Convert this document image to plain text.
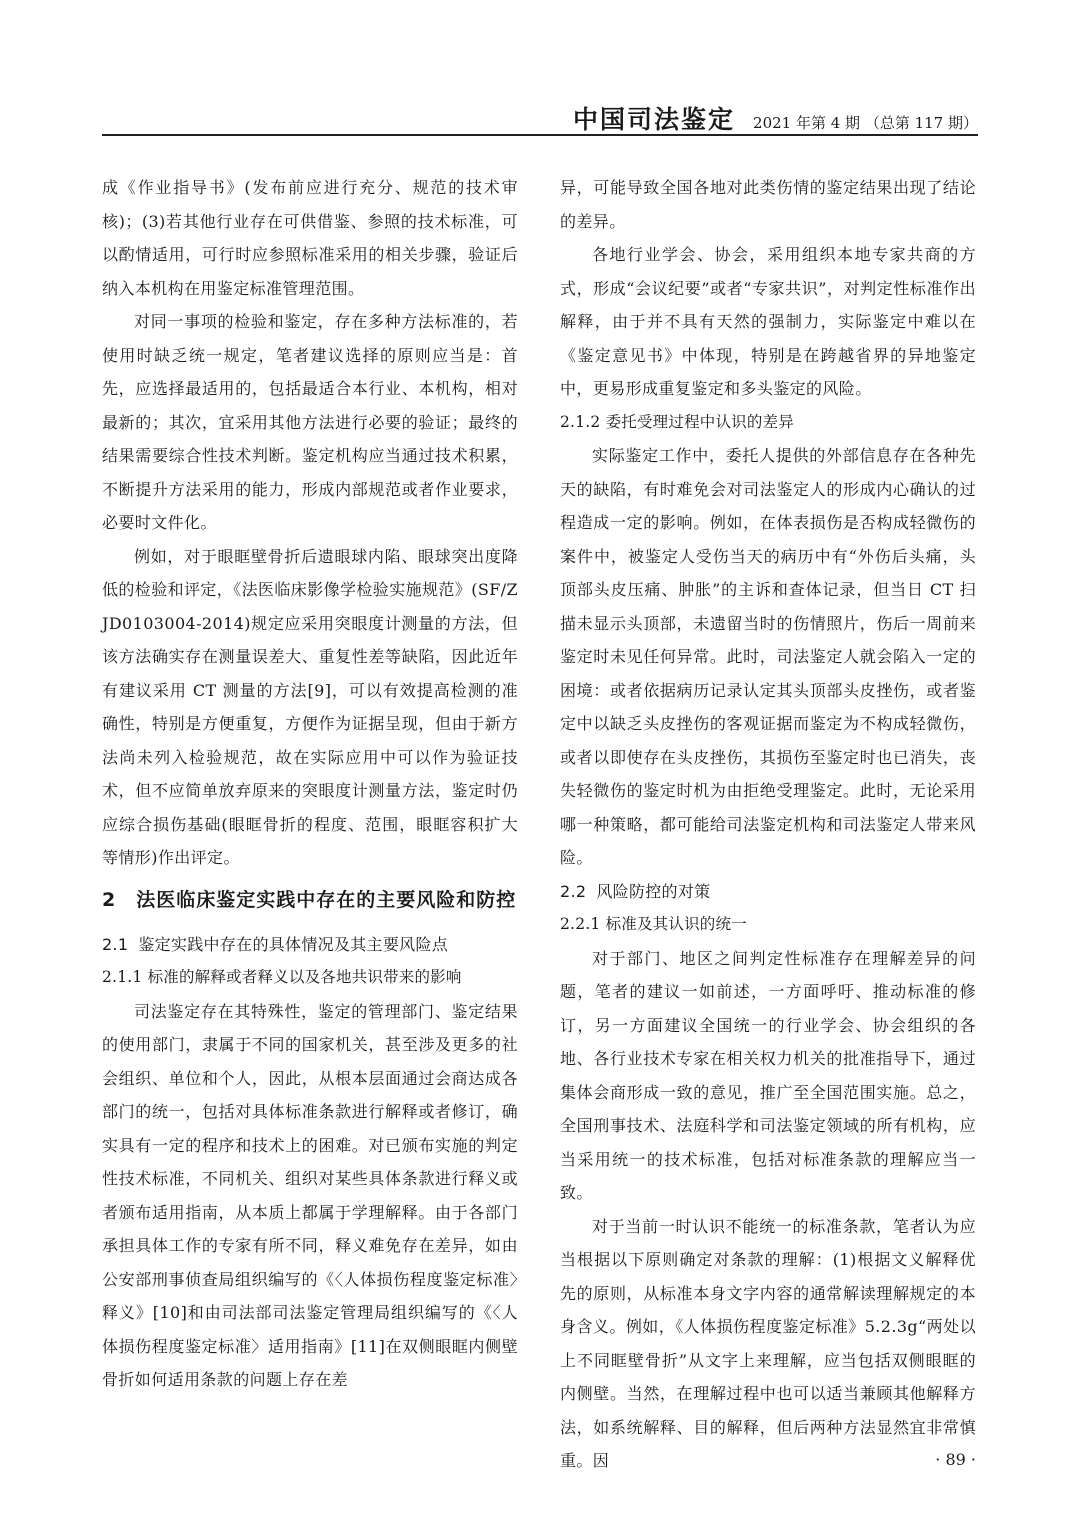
中国司法鉴定 2021 年第 4 期 （总第 117 期）

成《作业指导书》(发布前应进行充分、规范的技术审核)；(3)若其他行业存在可供借鉴、参照的技术标准，可以酌情适用，可行时应参照标准采用的相关步骤，验证后纳入本机构在用鉴定标准管理范围。

对同一事项的检验和鉴定，存在多种方法标准的，若使用时缺乏统一规定，笔者建议选择的原则应当是：首先，应选择最适用的，包括最适合本行业、本机构，相对最新的；其次，宜采用其他方法进行必要的验证；最终的结果需要综合性技术判断。鉴定机构应当通过技术积累，不断提升方法采用的能力，形成内部规范或者作业要求，必要时文件化。

例如，对于眼眶壁骨折后遗眼球内陷、眼球突出度降低的检验和评定，《法医临床影像学检验实施规范》(SF/Z JD0103004-2014)规定应采用突眼度计测量的方法，但该方法确实存在测量误差大、重复性差等缺陷，因此近年有建议采用 CT 测量的方法[9]，可以有效提高检测的准确性，特别是方便重复，方便作为证据呈现，但由于新方法尚未列入检验规范，故在实际应用中可以作为验证技术，但不应简单放弃原来的突眼度计测量方法，鉴定时仍应综合损伤基础(眼眶骨折的程度、范围，眼眶容积扩大等情形)作出评定。

2　法医临床鉴定实践中存在的主要风险和防控
2.1 鉴定实践中存在的具体情况及其主要风险点
2.1.1 标准的解释或者释义以及各地共识带来的影响

司法鉴定存在其特殊性，鉴定的管理部门、鉴定结果的使用部门，隶属于不同的国家机关，甚至涉及更多的社会组织、单位和个人，因此，从根本层面通过会商达成各部门的统一，包括对具体标准条款进行解释或者修订，确实具有一定的程序和技术上的困难。对已颁布实施的判定性技术标准，不同机关、组织对某些具体条款进行释义或者颁布适用指南，从本质上都属于学理解释。由于各部门承担具体工作的专家有所不同，释义难免存在差异，如由公安部刑事侦查局组织编写的《〈人体损伤程度鉴定标准〉释义》[10]和由司法部司法鉴定管理局组织编写的《〈人体损伤程度鉴定标准〉适用指南》[11]在双侧眼眶内侧壁骨折如何适用条款的问题上存在差

异，可能导致全国各地对此类伤情的鉴定结果出现了结论的差异。

各地行业学会、协会，采用组织本地专家共商的方式，形成“会议纪要”或者“专家共识”，对判定性标准作出解释，由于并不具有天然的强制力，实际鉴定中难以在《鉴定意见书》中体现，特别是在跨越省界的异地鉴定中，更易形成重复鉴定和多头鉴定的风险。

2.1.2 委托受理过程中认识的差异

实际鉴定工作中，委托人提供的外部信息存在各种先天的缺陷，有时难免会对司法鉴定人的形成内心确认的过程造成一定的影响。例如，在体表损伤是否构成轻微伤的案件中，被鉴定人受伤当天的病历中有“外伤后头痛，头顶部头皮压痛、肿胀”的主诉和查体记录，但当日 CT 扫描未显示头顶部，未遗留当时的伤情照片，伤后一周前来鉴定时未见任何异常。此时，司法鉴定人就会陷入一定的困境：或者依据病历记录认定其头顶部头皮挫伤，或者鉴定中以缺乏头皮挫伤的客观证据而鉴定为不构成轻微伤，或者以即使存在头皮挫伤，其损伤至鉴定时也已消失，丧失轻微伤的鉴定时机为由拒绝受理鉴定。此时，无论采用哪一种策略，都可能给司法鉴定机构和司法鉴定人带来风险。

2.2 风险防控的对策
2.2.1 标准及其认识的统一

对于部门、地区之间判定性标准存在理解差异的问题，笔者的建议一如前述，一方面呼吁、推动标准的修订，另一方面建议全国统一的行业学会、协会组织的各地、各行业技术专家在相关权力机关的批准指导下，通过集体会商形成一致的意见，推广至全国范围实施。总之，全国刑事技术、法庭科学和司法鉴定领域的所有机构，应当采用统一的技术标准，包括对标准条款的理解应当一致。

对于当前一时认识不能统一的标准条款，笔者认为应当根据以下原则确定对条款的理解：(1)根据文义解释优先的原则，从标准本身文字内容的通常解读理解规定的本身含义。例如，《人体损伤程度鉴定标准》5.2.3g“两处以上不同眶壁骨折”从文字上来理解，应当包括双侧眼眶的内侧壁。当然，在理解过程中也可以适当兼顾其他解释方法，如系统解释、目的解释，但后两种方法显然宜非常慎重。因	· 89 ·
